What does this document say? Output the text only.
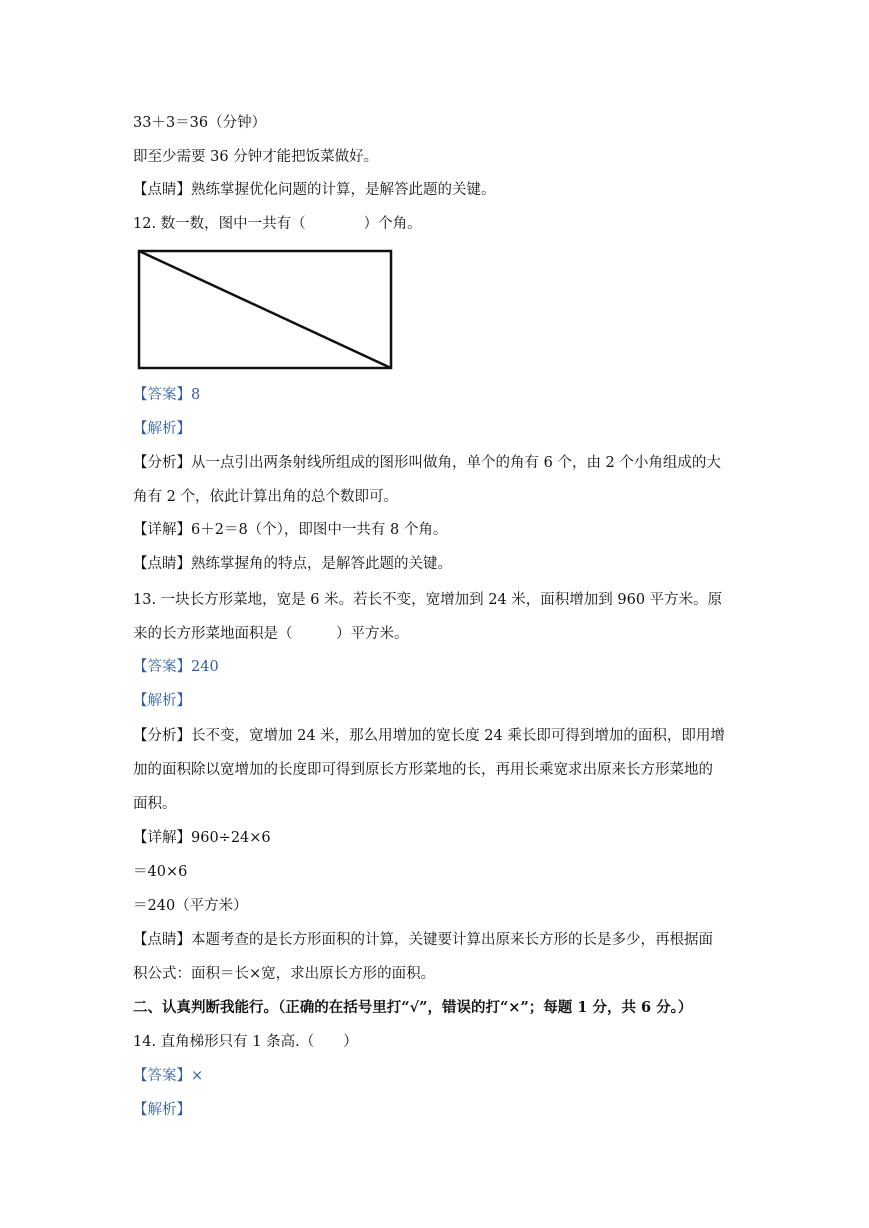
33＋3＝36（分钟）
即至少需要 36 分钟才能把饭菜做好。
【点睛】熟练掌握优化问题的计算，是解答此题的关键。
12. 数一数，图中一共有（　　　　）个角。
【答案】8
【解析】
【分析】从一点引出两条射线所组成的图形叫做角，单个的角有 6 个，由 2 个小角组成的大
角有 2 个，依此计算出角的总个数即可。
【详解】6＋2＝8（个），即图中一共有 8 个角。
【点睛】熟练掌握角的特点，是解答此题的关键。
13. 一块长方形菜地，宽是 6 米。若长不变，宽增加到 24 米，面积增加到 960 平方米。原
来的长方形菜地面积是（　　　）平方米。
【答案】240
【解析】
【分析】长不变，宽增加 24 米，那么用增加的宽长度 24 乘长即可得到增加的面积，即用增
加的面积除以宽增加的长度即可得到原长方形菜地的长，再用长乘宽求出原来长方形菜地的
面积。
【详解】960÷24×6
＝40×6
＝240（平方米）
【点睛】本题考查的是长方形面积的计算，关键要计算出原来长方形的长是多少，再根据面
积公式：面积＝长×宽，求出原长方形的面积。
二、认真判断我能行。（正确的在括号里打“√”，错误的打“×”；每题 1 分，共 6 分。）
14. 直角梯形只有 1 条高.（　　）
【答案】×
【解析】
